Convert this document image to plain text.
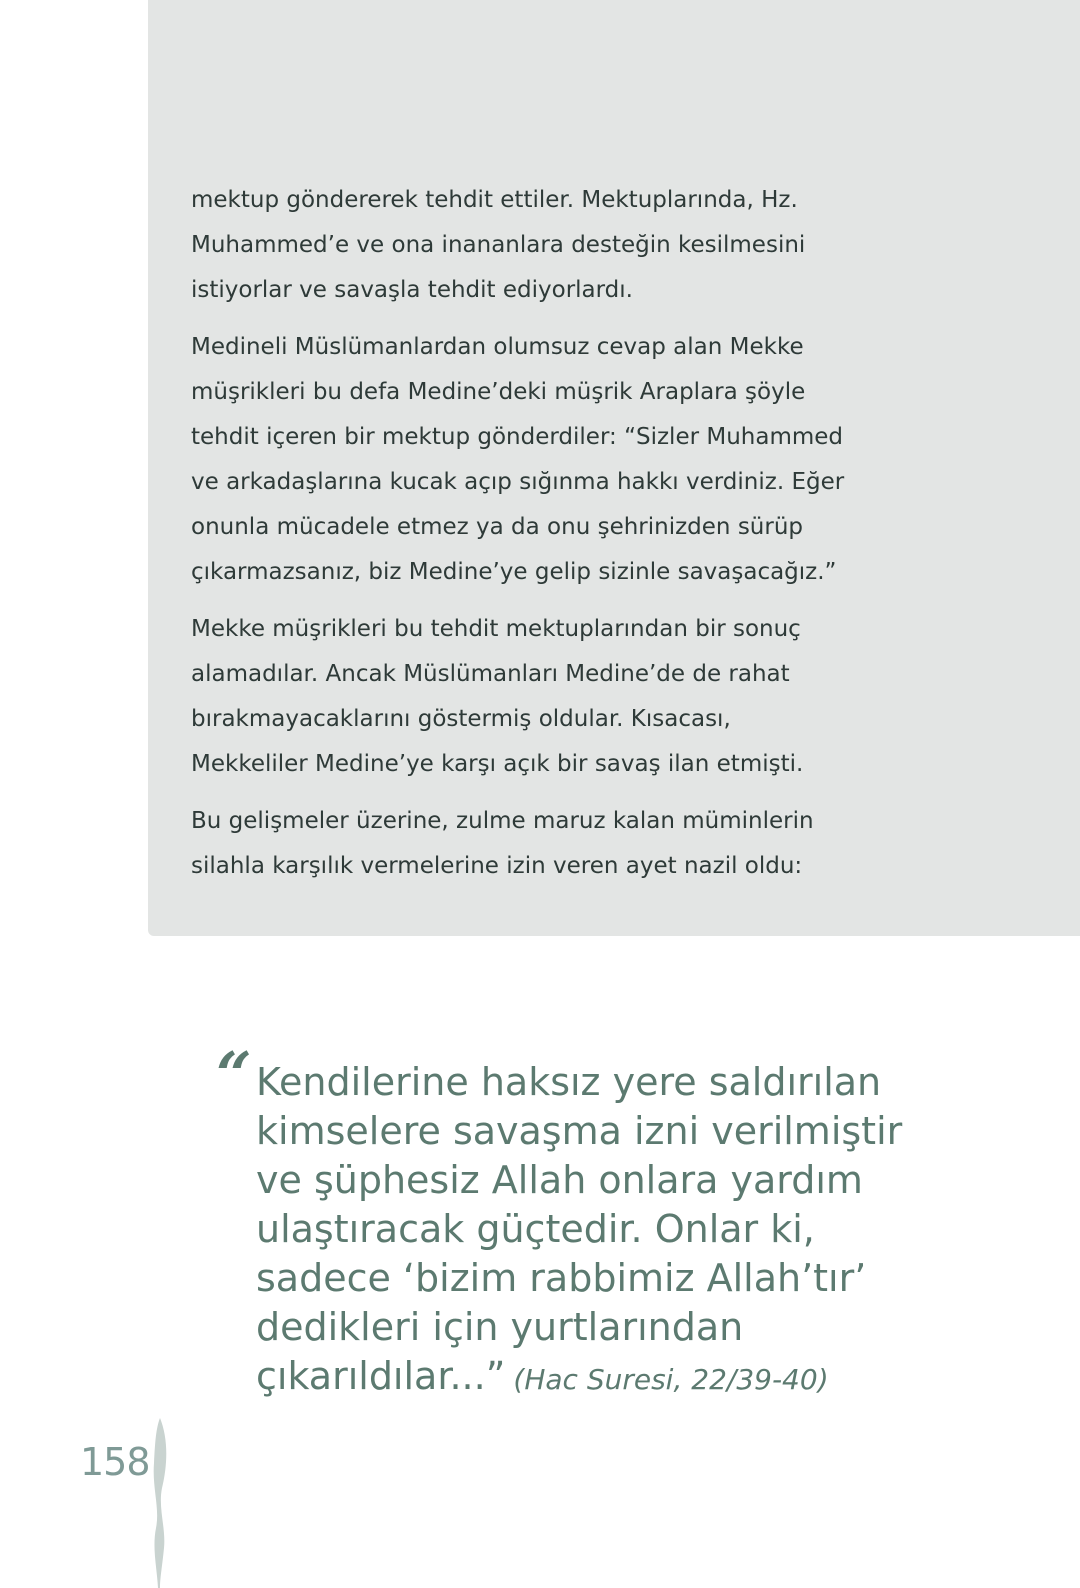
mektup göndererek tehdit ettiler. Mektuplarında, Hz. Muhammed’e ve ona inananlara desteğin kesilmesini istiyorlar ve savaşla tehdit ediyorlardı.

Medineli Müslümanlardan olumsuz cevap alan Mekke müşrikleri bu defa Medine’deki müşrik Araplara şöyle tehdit içeren bir mektup gönderdiler: “Sizler Muhammed ve arkadaşlarına kucak açıp sığınma hakkı verdiniz. Eğer onunla mücadele etmez ya da onu şehrinizden sürüp çıkarmazsanız, biz Medine’ye gelip sizinle savaşacağız.”

Mekke müşrikleri bu tehdit mektuplarından bir sonuç alamadılar. Ancak Müslümanları Medine’de de rahat bırakmayacaklarını göstermiş oldular. Kısacası, Mekkeliler Medine’ye karşı açık bir savaş ilan etmişti.

Bu gelişmeler üzerine, zulme maruz kalan müminlerin silahla karşılık vermelerine izin veren ayet nazil oldu:

“ Kendilerine haksız yere saldırılan
kimselere savaşma izni verilmiştir
ve şüphesiz Allah onlara yardım
ulaştıracak güçtedir. Onlar ki,
sadece ‘bizim rabbimiz Allah’tır’
dedikleri için yurtlarından
çıkarıldılar...” (Hac Suresi, 22/39-40)
158
